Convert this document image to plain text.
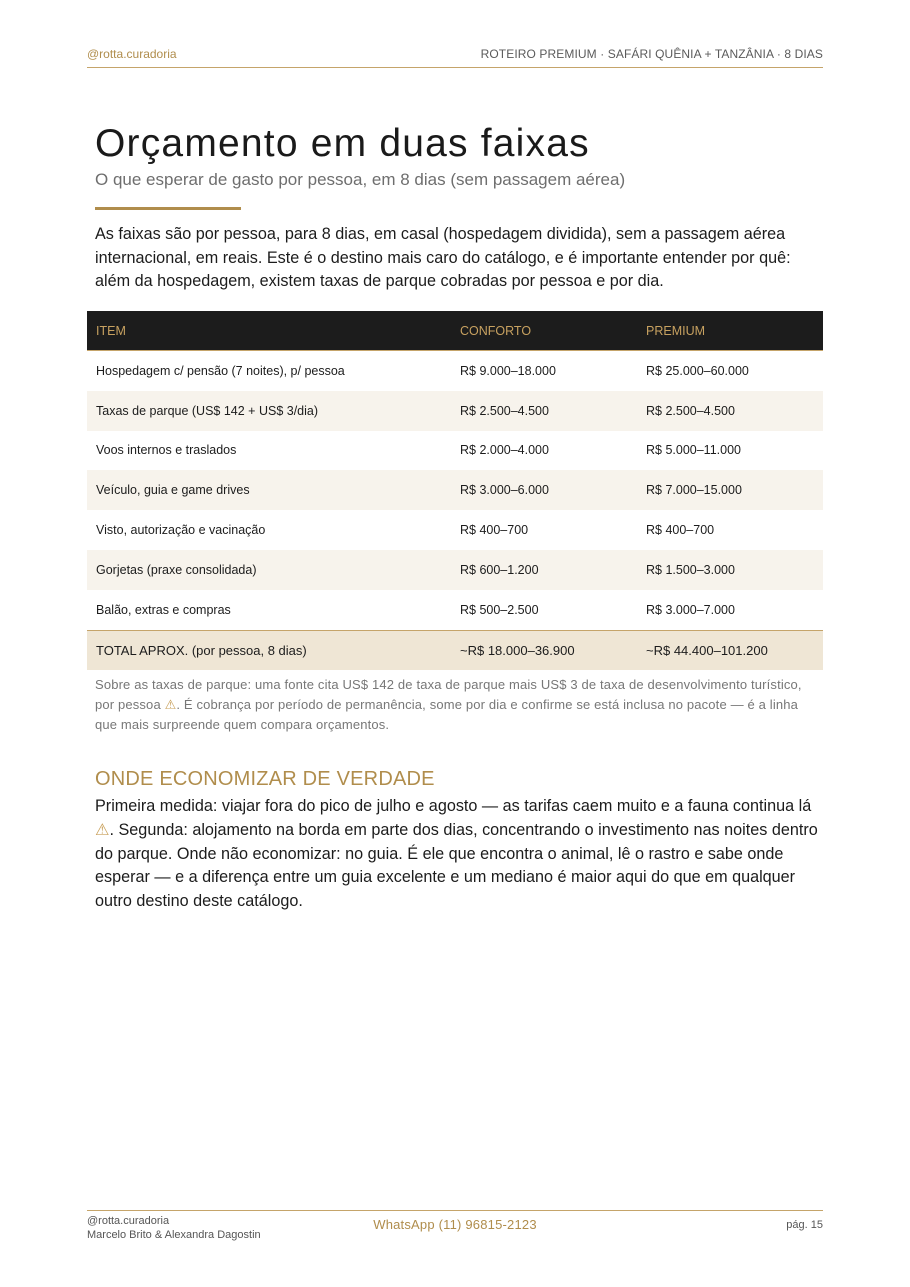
@rotta.curadoria	ROTEIRO PREMIUM · SAFÁRI QUÊNIA + TANZÂNIA · 8 DIAS
Orçamento em duas faixas

O que esperar de gasto por pessoa, em 8 dias (sem passagem aérea)

As faixas são por pessoa, para 8 dias, em casal (hospedagem dividida), sem a passagem aérea internacional, em reais. Este é o destino mais caro do catálogo, e é importante entender por quê: além da hospedagem, existem taxas de parque cobradas por pessoa e por dia.

ITEM	CONFORTO	PREMIUM
Hospedagem c/ pensão (7 noites), p/ pessoa	R$ 9.000–18.000	R$ 25.000–60.000
Taxas de parque (US$ 142 + US$ 3/dia)	R$ 2.500–4.500	R$ 2.500–4.500
Voos internos e traslados	R$ 2.000–4.000	R$ 5.000–11.000
Veículo, guia e game drives	R$ 3.000–6.000	R$ 7.000–15.000
Visto, autorização e vacinação	R$ 400–700	R$ 400–700
Gorjetas (praxe consolidada)	R$ 600–1.200	R$ 1.500–3.000
Balão, extras e compras	R$ 500–2.500	R$ 3.000–7.000
TOTAL APROX. (por pessoa, 8 dias)	~R$ 18.000–36.900	~R$ 44.400–101.200

Sobre as taxas de parque: uma fonte cita US$ 142 de taxa de parque mais US$ 3 de taxa de desenvolvimento turístico, por pessoa ⚠. É cobrança por período de permanência, some por dia e confirme se está inclusa no pacote — é a linha que mais surpreende quem compara orçamentos.

ONDE ECONOMIZAR DE VERDADE

Primeira medida: viajar fora do pico de julho e agosto — as tarifas caem muito e a fauna continua lá ⚠. Segunda: alojamento na borda em parte dos dias, concentrando o investimento nas noites dentro do parque. Onde não economizar: no guia. É ele que encontra o animal, lê o rastro e sabe onde esperar — e a diferença entre um guia excelente e um mediano é maior aqui do que em qualquer outro destino deste catálogo.

@rotta.curadoria
Marcelo Brito & Alexandra Dagostin
WhatsApp (11) 96815-2123	pág. 15
